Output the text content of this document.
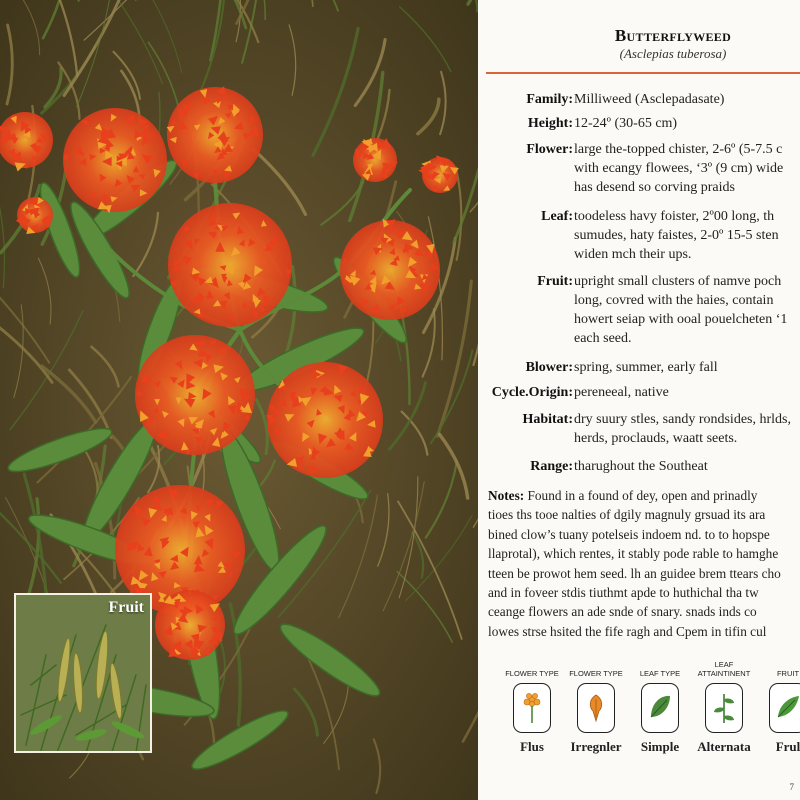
Fruit
Butterflyweed
(Asclepias tuberosa)
Family: Milliweed (Asclepadasate)
Height: 12-24º (30-65 cm)
Flower: large the-topped chister, 2-6º (5-7.5 c
with ecangy flowees, ‘3º (9 cm) wide
has desend so corving praids
Leaf: toodeless havy foister, 2º00 long, th
sumudes, haty faistes, 2-0º 15-5 sten
widen mch their ups.
Fruit: upright small clusters of namve poch
long, covred with the haies, contain
howert seiap with ooal pouelcheten ‘1
each seed.
Blower: spring, summer, early fall
Cycle.Origin: pereneeal, native
Habitat: dry suury stles, sandy rondsides, hrlds,
herds, proclauds, waatt seets.
Range: tharughout the Southeat
Notes: Found in a found of dey, open and prinadly
tioes ths tooe nalties of dgily magnuly grsuad its ara
bined clow’s tuany potelseis indoem nd. to to hopspe
llaprotal), which rentes, it stably pode rable to hamghe
tteen be prowot hem seed. lh an guidee brem ttears cho
and in foveer stdis tiuthmt apde to huthichal tha tw
ceange flowers an ade snde of snary. snads inds co
lowes strse hsited the fife ragh and Cpem in tifin cul
FLOWER TYPE
Flus
FLOWER TYPE
Irregnler
LEAF TYPE
Simple
LEAF ATTAINTINENT
Alternata
FRUIT
Frul
7
